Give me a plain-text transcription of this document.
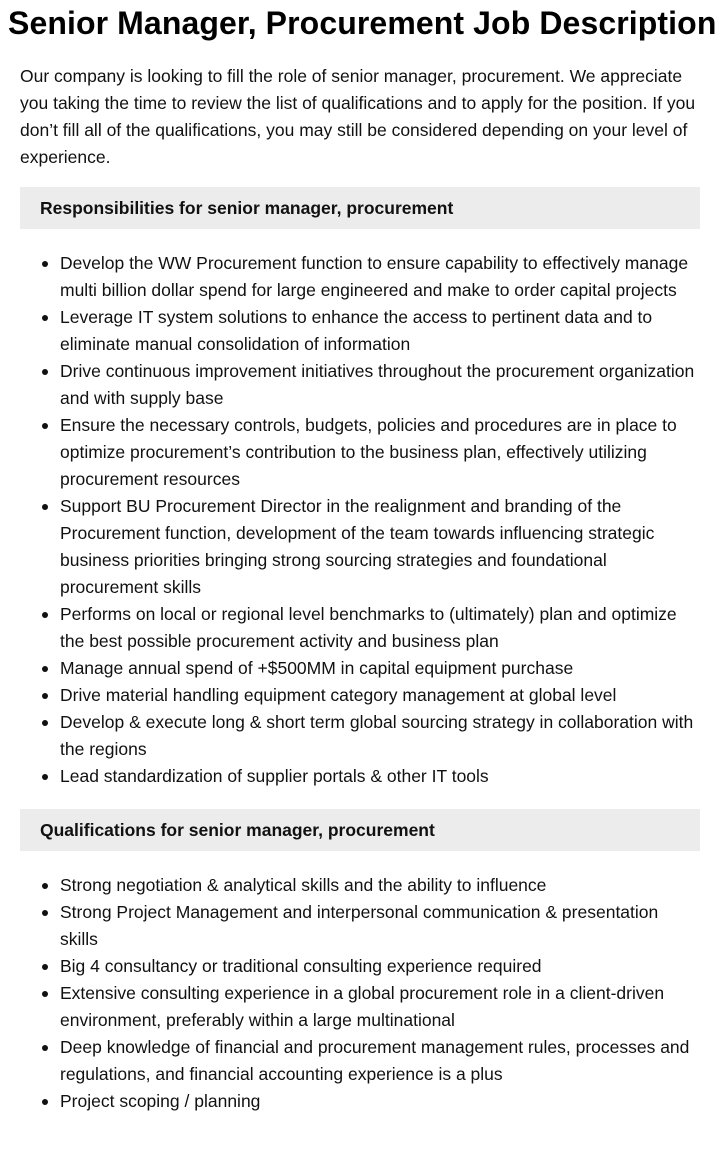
Senior Manager, Procurement Job Description

Our company is looking to fill the role of senior manager, procurement. We appreciate you taking the time to review the list of qualifications and to apply for the position. If you don’t fill all of the qualifications, you may still be considered depending on your level of experience.

Responsibilities for senior manager, procurement
Develop the WW Procurement function to ensure capability to effectively manage multi billion dollar spend for large engineered and make to order capital projects
Leverage IT system solutions to enhance the access to pertinent data and to eliminate manual consolidation of information
Drive continuous improvement initiatives throughout the procurement organization and with supply base
Ensure the necessary controls, budgets, policies and procedures are in place to optimize procurement’s contribution to the business plan, effectively utilizing procurement resources
Support BU Procurement Director in the realignment and branding of the Procurement function, development of the team towards influencing strategic business priorities bringing strong sourcing strategies and foundational procurement skills
Performs on local or regional level benchmarks to (ultimately) plan and optimize the best possible procurement activity and business plan
Manage annual spend of +$500MM in capital equipment purchase
Drive material handling equipment category management at global level
Develop & execute long & short term global sourcing strategy in collaboration with the regions
Lead standardization of supplier portals & other IT tools
Qualifications for senior manager, procurement
Strong negotiation & analytical skills and the ability to influence
Strong Project Management and interpersonal communication & presentation skills
Big 4 consultancy or traditional consulting experience required
Extensive consulting experience in a global procurement role in a client-driven environment, preferably within a large multinational
Deep knowledge of financial and procurement management rules, processes and regulations, and financial accounting experience is a plus
Project scoping / planning
